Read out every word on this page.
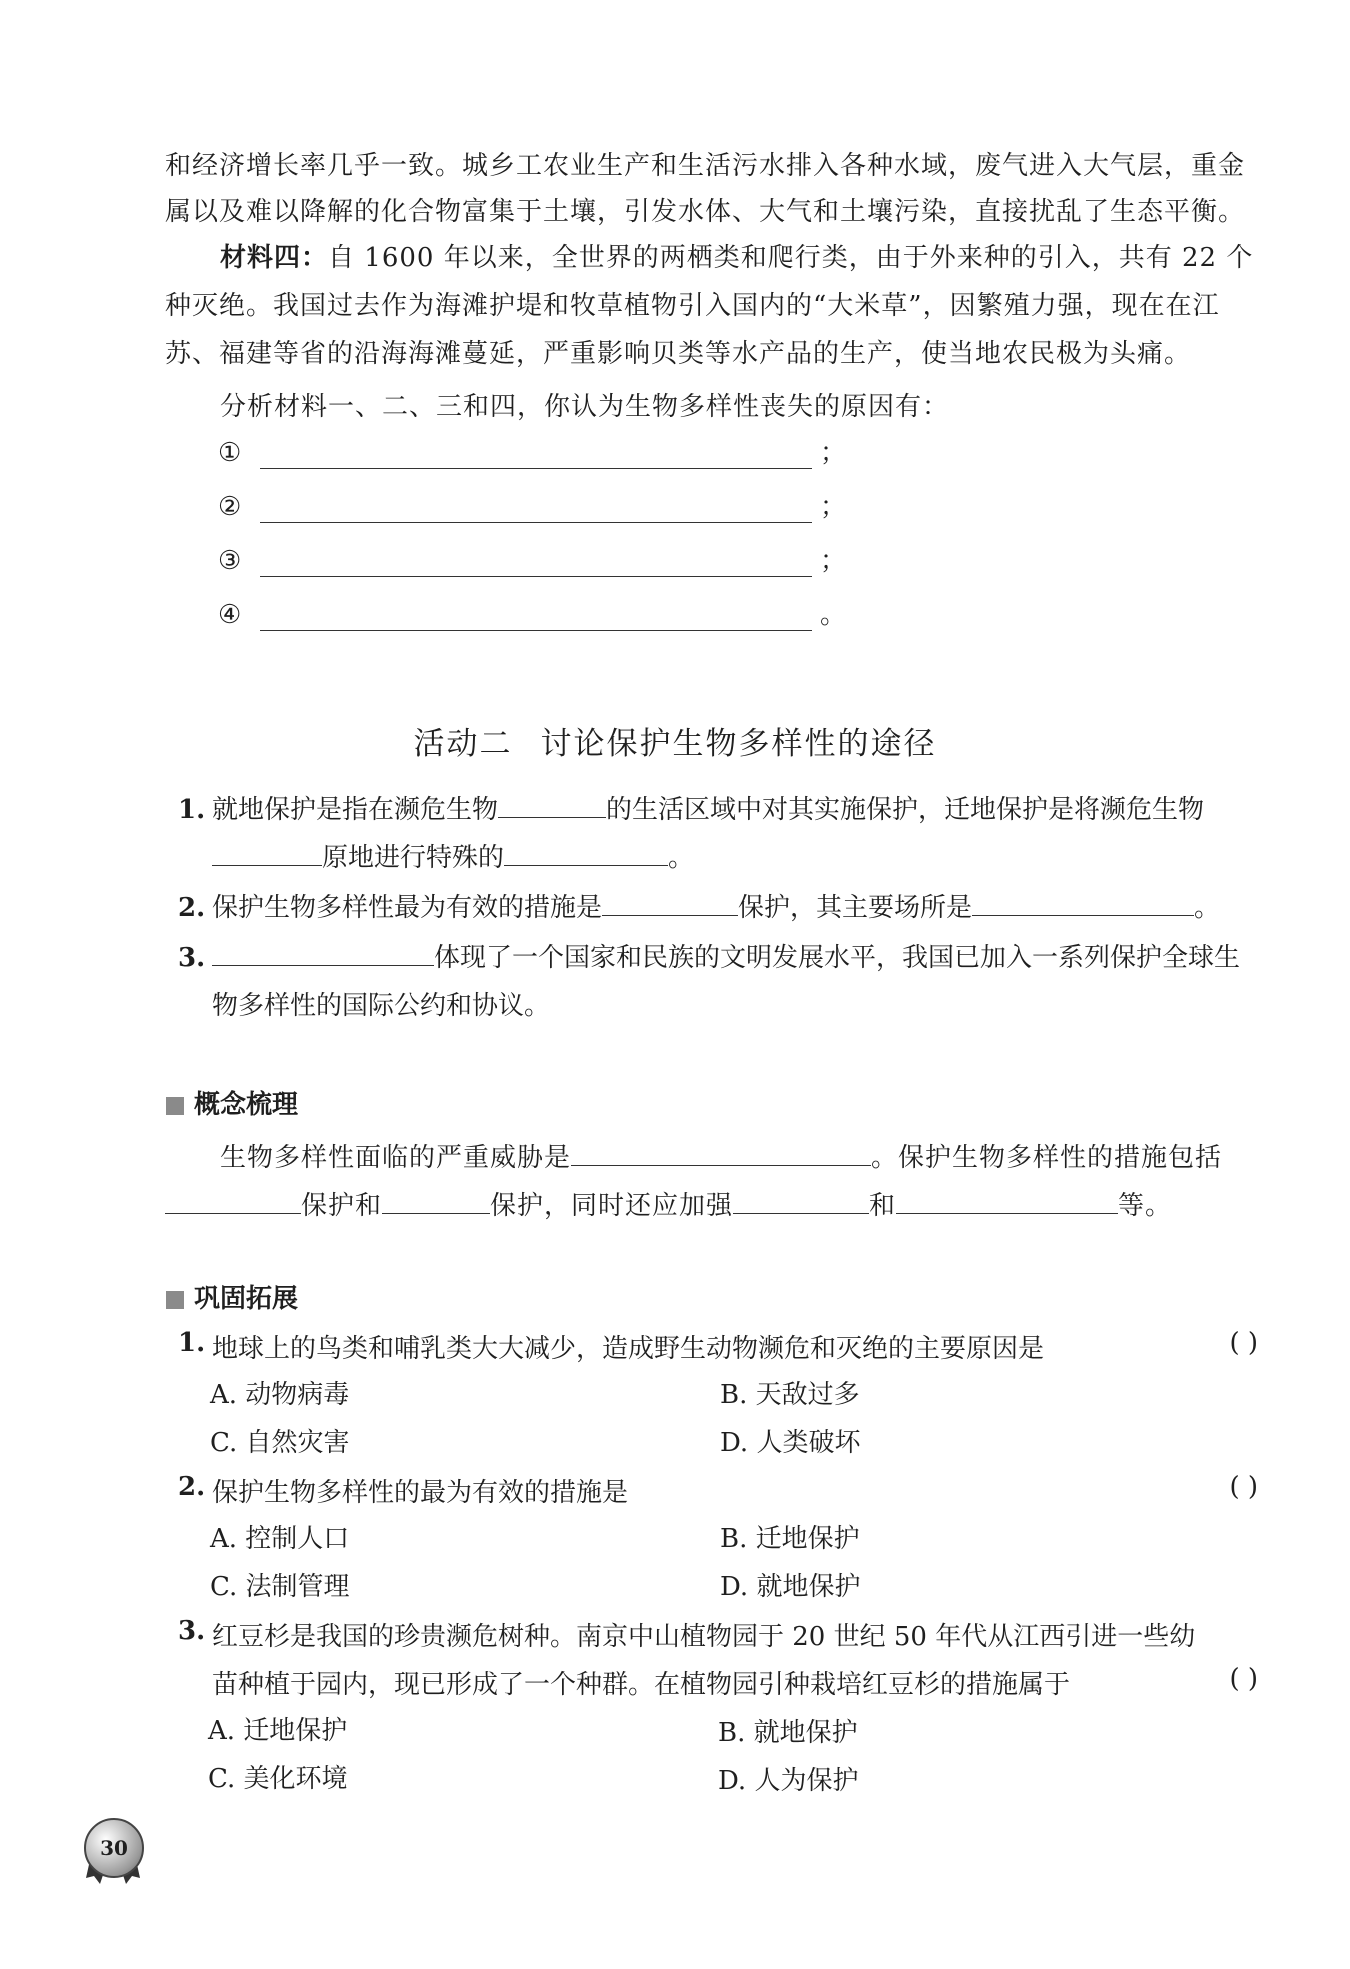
和经济增长率几乎一致。城乡工农业生产和生活污水排入各种水域，废气进入大气层，重金
属以及难以降解的化合物富集于土壤，引发水体、大气和土壤污染，直接扰乱了生态平衡。
材料四：自 1600 年以来，全世界的两栖类和爬行类，由于外来种的引入，共有 22 个种灭绝。我国过去作为海滩护堤和牧草植物引入国内的“大米草”，因繁殖力强，现在在江苏、福建等省的沿海海滩蔓延，严重影响贝类等水产品的生产，使当地农民极为头痛。
分析材料一、二、三和四，你认为生物多样性丧失的原因有：
①	；
②	；
③	；
④	。
活动二 讨论保护生物多样性的途径
1. 就地保护是指在濒危生物	的生活区域中对其实施保护，迁地保护是将濒危生物
原地进行特殊的	。
2. 保护生物多样性最为有效的措施是	保护，其主要场所是	。
3.	体现了一个国家和民族的文明发展水平，我国已加入一系列保护全球生物多样性的国际公约和协议。
概念梳理
生物多样性面临的严重威胁是	。保护生物多样性的措施包括
保护和	保护，同时还应加强	和	等。
巩固拓展
1. 地球上的鸟类和哺乳类大大减少，造成野生动物濒危和灭绝的主要原因是	( )
A. 动物病毒	B. 天敌过多
C. 自然灾害	D. 人类破坏
2. 保护生物多样性的最为有效的措施是	( )
A. 控制人口	B. 迁地保护
C. 法制管理	D. 就地保护
3. 红豆杉是我国的珍贵濒危树种。南京中山植物园于 20 世纪 50 年代从江西引进一些幼
苗种植于园内，现已形成了一个种群。在植物园引种栽培红豆杉的措施属于	( )
A. 迁地保护	B. 就地保护
C. 美化环境	D. 人为保护
30
